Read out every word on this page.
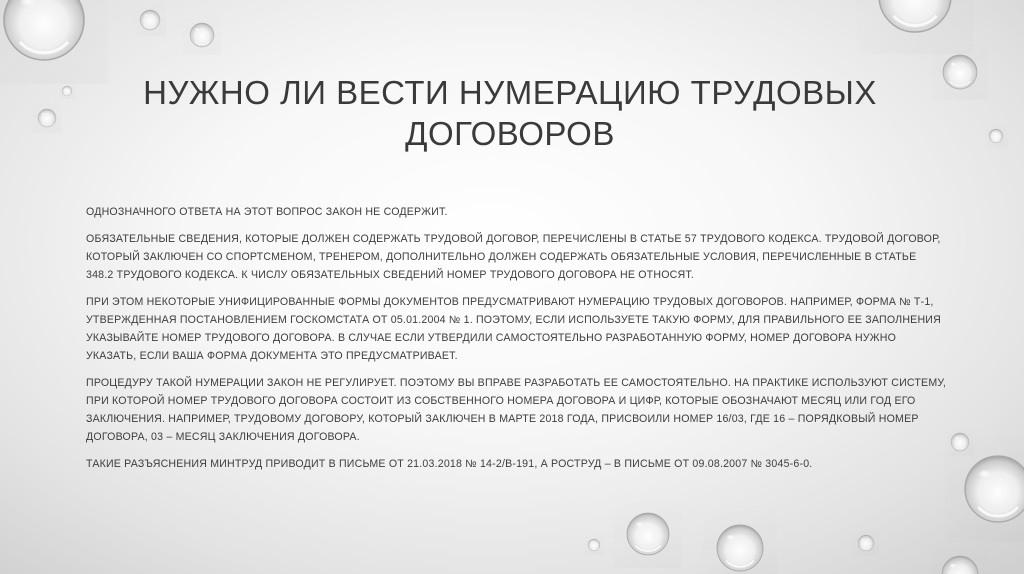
НУЖНО ЛИ ВЕСТИ НУМЕРАЦИЮ ТРУДОВЫХ ДОГОВОРОВ

ОДНОЗНАЧНОГО ОТВЕТА НА ЭТОТ ВОПРОС ЗАКОН НЕ СОДЕРЖИТ.

ОБЯЗАТЕЛЬНЫЕ СВЕДЕНИЯ, КОТОРЫЕ ДОЛЖЕН СОДЕРЖАТЬ ТРУДОВОЙ ДОГОВОР, ПЕРЕЧИСЛЕНЫ В СТАТЬЕ 57 ТРУДОВОГО КОДЕКСА. ТРУДОВОЙ ДОГОВОР, КОТОРЫЙ ЗАКЛЮЧЕН СО СПОРТСМЕНОМ, ТРЕНЕРОМ, ДОПОЛНИТЕЛЬНО ДОЛЖЕН СОДЕРЖАТЬ ОБЯЗАТЕЛЬНЫЕ УСЛОВИЯ, ПЕРЕЧИСЛЕННЫЕ В СТАТЬЕ 348.2 ТРУДОВОГО КОДЕКСА. К ЧИСЛУ ОБЯЗАТЕЛЬНЫХ СВЕДЕНИЙ НОМЕР ТРУДОВОГО ДОГОВОРА НЕ ОТНОСЯТ.

ПРИ ЭТОМ НЕКОТОРЫЕ УНИФИЦИРОВАННЫЕ ФОРМЫ ДОКУМЕНТОВ ПРЕДУСМАТРИВАЮТ НУМЕРАЦИЮ ТРУДОВЫХ ДОГОВОРОВ. НАПРИМЕР, ФОРМА № Т-1, УТВЕРЖДЕННАЯ ПОСТАНОВЛЕНИЕМ ГОСКОМСТАТА ОТ 05.01.2004 № 1. ПОЭТОМУ, ЕСЛИ ИСПОЛЬЗУЕТЕ ТАКУЮ ФОРМУ, ДЛЯ ПРАВИЛЬНОГО ЕЕ ЗАПОЛНЕНИЯ УКАЗЫВАЙТЕ НОМЕР ТРУДОВОГО ДОГОВОРА. В СЛУЧАЕ ЕСЛИ УТВЕРДИЛИ САМОСТОЯТЕЛЬНО РАЗРАБОТАННУЮ ФОРМУ, НОМЕР ДОГОВОРА НУЖНО УКАЗАТЬ, ЕСЛИ ВАША ФОРМА ДОКУМЕНТА ЭТО ПРЕДУСМАТРИВАЕТ.

ПРОЦЕДУРУ ТАКОЙ НУМЕРАЦИИ ЗАКОН НЕ РЕГУЛИРУЕТ. ПОЭТОМУ ВЫ ВПРАВЕ РАЗРАБОТАТЬ ЕЕ САМОСТОЯТЕЛЬНО. НА ПРАКТИКЕ ИСПОЛЬЗУЮТ СИСТЕМУ, ПРИ КОТОРОЙ НОМЕР ТРУДОВОГО ДОГОВОРА СОСТОИТ ИЗ СОБСТВЕННОГО НОМЕРА ДОГОВОРА И ЦИФР, КОТОРЫЕ ОБОЗНАЧАЮТ МЕСЯЦ ИЛИ ГОД ЕГО ЗАКЛЮЧЕНИЯ. НАПРИМЕР, ТРУДОВОМУ ДОГОВОРУ, КОТОРЫЙ ЗАКЛЮЧЕН В МАРТЕ 2018 ГОДА, ПРИСВОИЛИ НОМЕР 16/03, ГДЕ 16 – ПОРЯДКОВЫЙ НОМЕР ДОГОВОРА, 03 – МЕСЯЦ ЗАКЛЮЧЕНИЯ ДОГОВОРА.

ТАКИЕ РАЗЪЯСНЕНИЯ МИНТРУД ПРИВОДИТ В ПИСЬМЕ ОТ 21.03.2018 № 14-2/В-191, А РОСТРУД – В ПИСЬМЕ ОТ 09.08.2007 № 3045-6-0.
